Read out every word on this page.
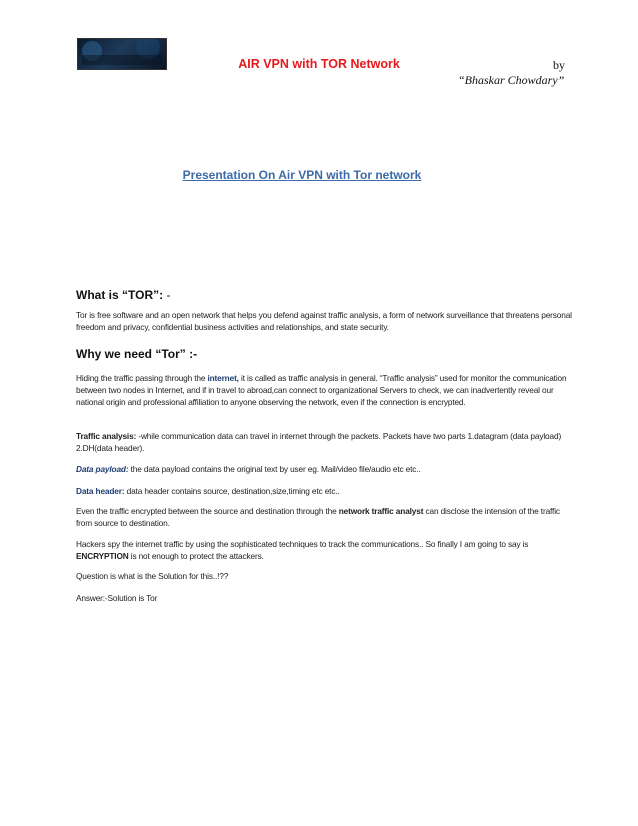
AIR VPN with TOR Network	by
“Bhaskar Chowdary”
Presentation On Air VPN with Tor network
What is “TOR”: -
Tor is free software and an open network that helps you defend against traffic analysis, a form of network surveillance that threatens personal freedom and privacy, confidential business activities and relationships, and state security.
Why we need “Tor” :-
Hiding the traffic passing through the internet, it is called as traffic analysis in general. “Traffic analysis” used for monitor the communication between two nodes in Internet, and if in travel to abroad,can connect to organizational Servers to check, we can inadvertently reveal our national origin and professional affiliation to anyone observing the network, even if the connection is encrypted.
Traffic analysis: -while communication data can travel in internet through the packets. Packets have two parts 1.datagram (data payload) 2.DH(data header).
Data payload: the data payload contains the original text by user eg. Mail/video file/audio etc etc..
Data header: data header contains source, destination,size,timing etc etc..
Even the traffic encrypted between the source and destination through the network traffic analyst can disclose the intension of the traffic from source to destination.
Hackers spy the internet traffic by using the sophisticated techniques to track the communications.. So finally I am going to say is ENCRYPTION is not enough to protect the attackers.
Question is what is the Solution for this..!??
Answer:-Solution is Tor
